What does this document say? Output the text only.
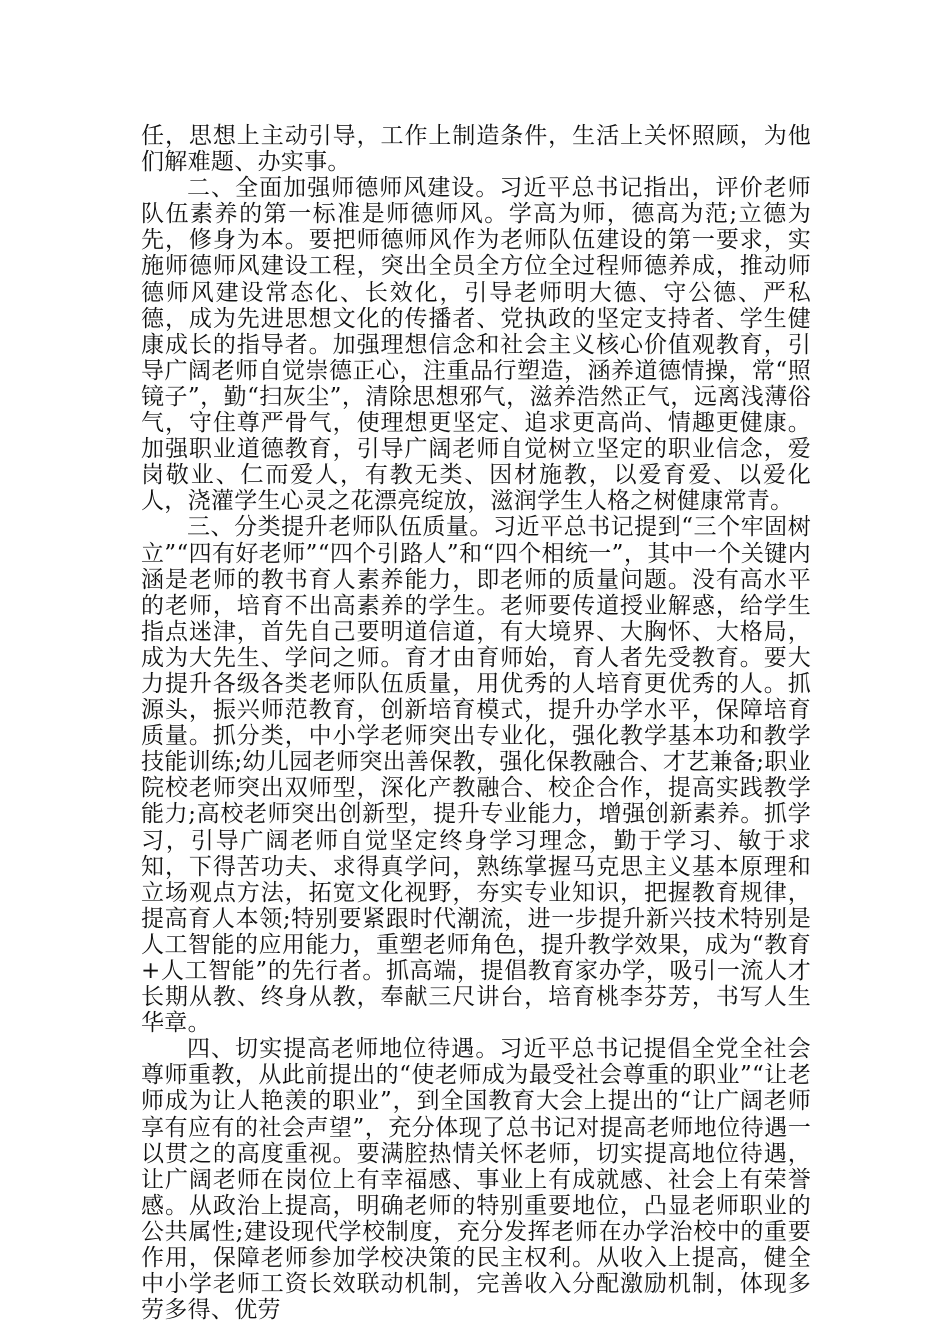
任，思想上主动引导，工作上制造条件，生活上关怀照顾，为他们解难题、办实事。

二、全面加强师德师风建设。习近平总书记指出，评价老师队伍素养的第一标准是师德师风。学高为师，德高为范;立德为先，修身为本。要把师德师风作为老师队伍建设的第一要求，实施师德师风建设工程，突出全员全方位全过程师德养成，推动师德师风建设常态化、长效化，引导老师明大德、守公德、严私德，成为先进思想文化的传播者、党执政的坚定支持者、学生健康成长的指导者。加强理想信念和社会主义核心价值观教育，引导广阔老师自觉崇德正心，注重品行塑造，涵养道德情操，常“照镜子”，勤“扫灰尘”，清除思想邪气，滋养浩然正气，远离浅薄俗气，守住尊严骨气，使理想更坚定、追求更高尚、情趣更健康。加强职业道德教育，引导广阔老师自觉树立坚定的职业信念，爱岗敬业、仁而爱人，有教无类、因材施教，以爱育爱、以爱化人，浇灌学生心灵之花漂亮绽放，滋润学生人格之树健康常青。

三、分类提升老师队伍质量。习近平总书记提到“三个牢固树立”“四有好老师”“四个引路人”和“四个相统一”，其中一个关键内涵是老师的教书育人素养能力，即老师的质量问题。没有高水平的老师，培育不出高素养的学生。老师要传道授业解惑，给学生指点迷津，首先自己要明道信道，有大境界、大胸怀、大格局，成为大先生、学问之师。育才由育师始，育人者先受教育。要大力提升各级各类老师队伍质量，用优秀的人培育更优秀的人。抓源头，振兴师范教育，创新培育模式，提升办学水平，保障培育质量。抓分类，中小学老师突出专业化，强化教学基本功和教学技能训练;幼儿园老师突出善保教，强化保教融合、才艺兼备;职业院校老师突出双师型，深化产教融合、校企合作，提高实践教学能力;高校老师突出创新型，提升专业能力，增强创新素养。抓学习，引导广阔老师自觉坚定终身学习理念，勤于学习、敏于求知，下得苦功夫、求得真学问，熟练掌握马克思主义基本原理和立场观点方法，拓宽文化视野，夯实专业知识，把握教育规律，提高育人本领;特别要紧跟时代潮流，进一步提升新兴技术特别是人工智能的应用能力，重塑老师角色，提升教学效果，成为“教育+人工智能”的先行者。抓高端，提倡教育家办学，吸引一流人才长期从教、终身从教，奉献三尺讲台，培育桃李芬芳，书写人生华章。

四、切实提高老师地位待遇。习近平总书记提倡全党全社会尊师重教，从此前提出的“使老师成为最受社会尊重的职业”“让老师成为让人艳羡的职业”，到全国教育大会上提出的“让广阔老师享有应有的社会声望”，充分体现了总书记对提高老师地位待遇一以贯之的高度重视。要满腔热情关怀老师，切实提高地位待遇，让广阔老师在岗位上有幸福感、事业上有成就感、社会上有荣誉感。从政治上提高，明确老师的特别重要地位，凸显老师职业的公共属性;建设现代学校制度，充分发挥老师在办学治校中的重要作用，保障老师参加学校决策的民主权利。从收入上提高，健全中小学老师工资长效联动机制，完善收入分配激励机制，体现多劳多得、优劳
